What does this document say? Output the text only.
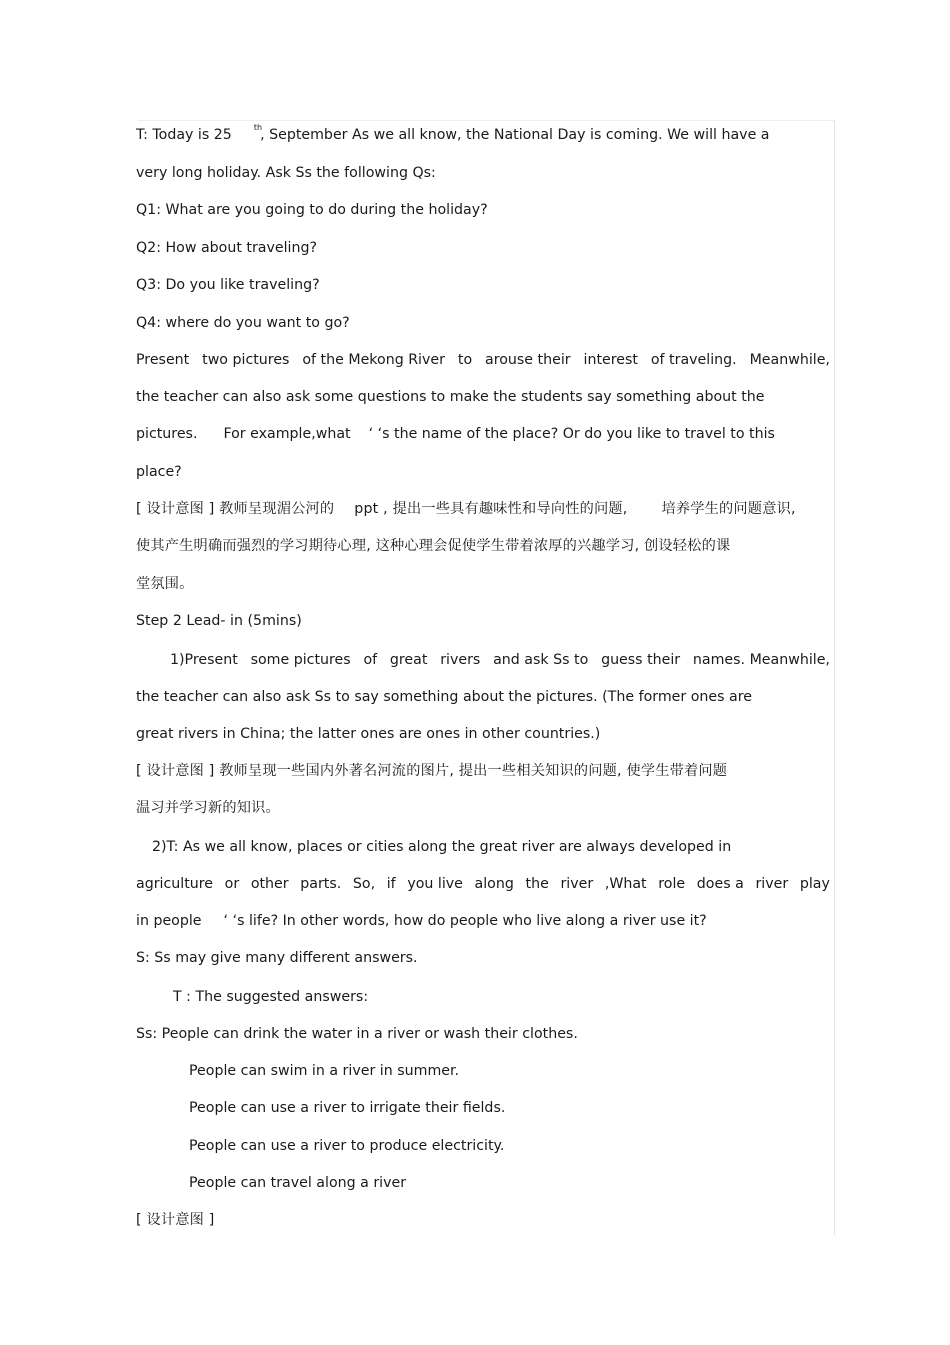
T: Today is 25	$^{th}$, September As we all know, the National Day is coming. We will have a
very long holiday. Ask Ss the following Qs:
Q1: What are you going to do during the holiday?
Q2: How about traveling?
Q3: Do you like traveling?
Q4: where do you want to go?
Present two pictures of the Mekong River to arouse their interest of traveling. Meanwhile,
the teacher can also ask some questions to make the students say something about the
pictures. For example,what ‘ ‘s the name of the place? Or do you like to travel to this
place?
[ 设计意图 ] 教师呈现湄公河的 ppt , 提出一些具有趣味性和导向性的问题, 培养学生的问题意识,
使其产生明确而强烈的学习期待心理, 这种心理会促使学生带着浓厚的兴趣学习, 创设轻松的课
堂氛围。
Step 2 Lead- in (5mins)
1)Present some pictures of great rivers and ask Ss to guess their names. Meanwhile,
the teacher can also ask Ss to say something about the pictures. (The former ones are
great rivers in China; the latter ones are ones in other countries.)
[ 设计意图 ] 教师呈现一些国内外著名河流的图片, 提出一些相关知识的问题, 使学生带着问题
温习并学习新的知识。
2)T: As we all know, places or cities along the great river are always developed in
agriculture or other parts. So, if you live along the river ,What role does a river play
in people ‘ ‘s life? In other words, how do people who live along a river use it?
S: Ss may give many different answers.
T : The suggested answers:
Ss: People can drink the water in a river or wash their clothes.
People can swim in a river in summer.
People can use a river to irrigate their fields.
People can use a river to produce electricity.
People can travel along a river
[ 设计意图 ]
